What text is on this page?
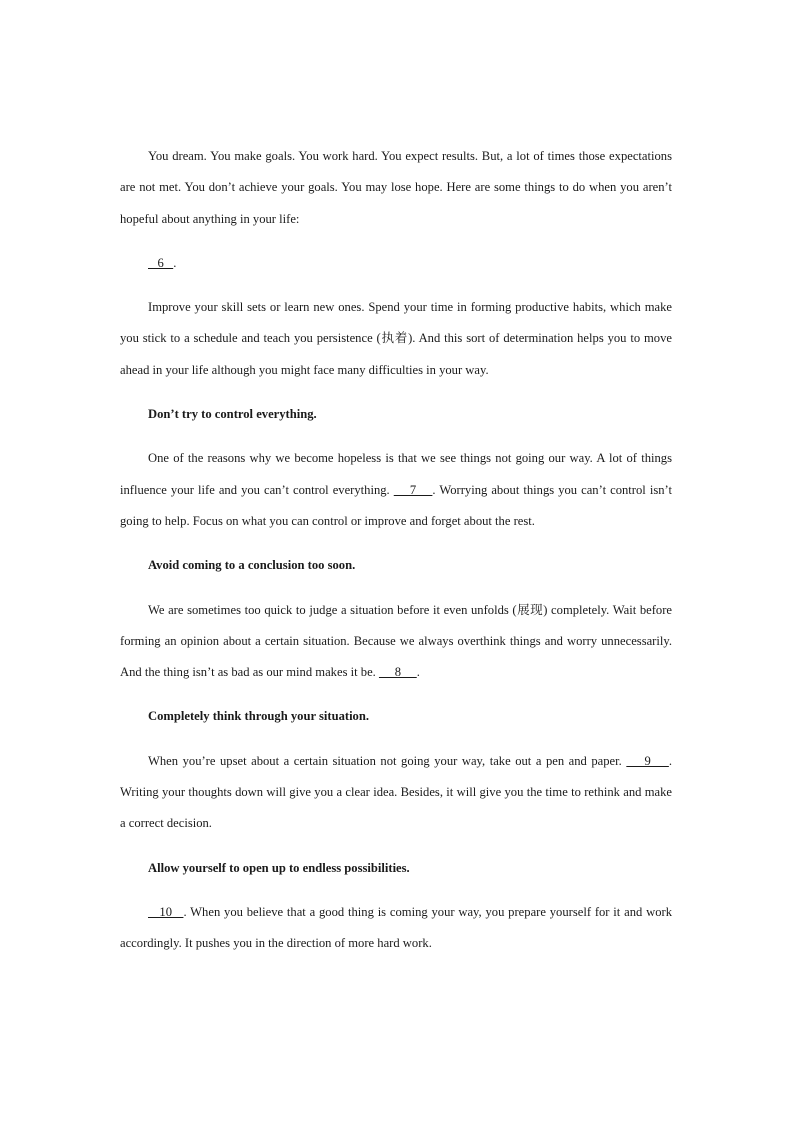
You dream. You make goals. You work hard. You expect results. But, a lot of times those expectations are not met. You don’t achieve your goals. You may lose hope. Here are some things to do when you aren’t hopeful about anything in your life:

6   .

Improve your skill sets or learn new ones. Spend your time in forming productive habits, which make you stick to a schedule and teach you persistence (执着). And this sort of determination helps you to move ahead in your life although you might face many difficulties in your way.

Don’t try to control everything.

One of the reasons why we become hopeless is that we see things not going our way. A lot of things influence your life and you can’t control everything.     7    . Worrying about things you can’t control isn’t going to help. Focus on what you can control or improve and forget about the rest.

Avoid coming to a conclusion too soon.

We are sometimes too quick to judge a situation before it even unfolds (展现) completely. Wait before forming an opinion about a certain situation. Because we always overthink things and worry unnecessarily. And the thing isn’t as bad as our mind makes it be.      8     .

Completely think through your situation.

When you’re upset about a certain situation not going your way, take out a pen and paper.     9    . Writing your thoughts down will give you a clear idea. Besides, it will give you the time to rethink and make a correct decision.

Allow yourself to open up to endless possibilities.

10   . When you believe that a good thing is coming your way, you prepare yourself for it and work accordingly. It pushes you in the direction of more hard work.
